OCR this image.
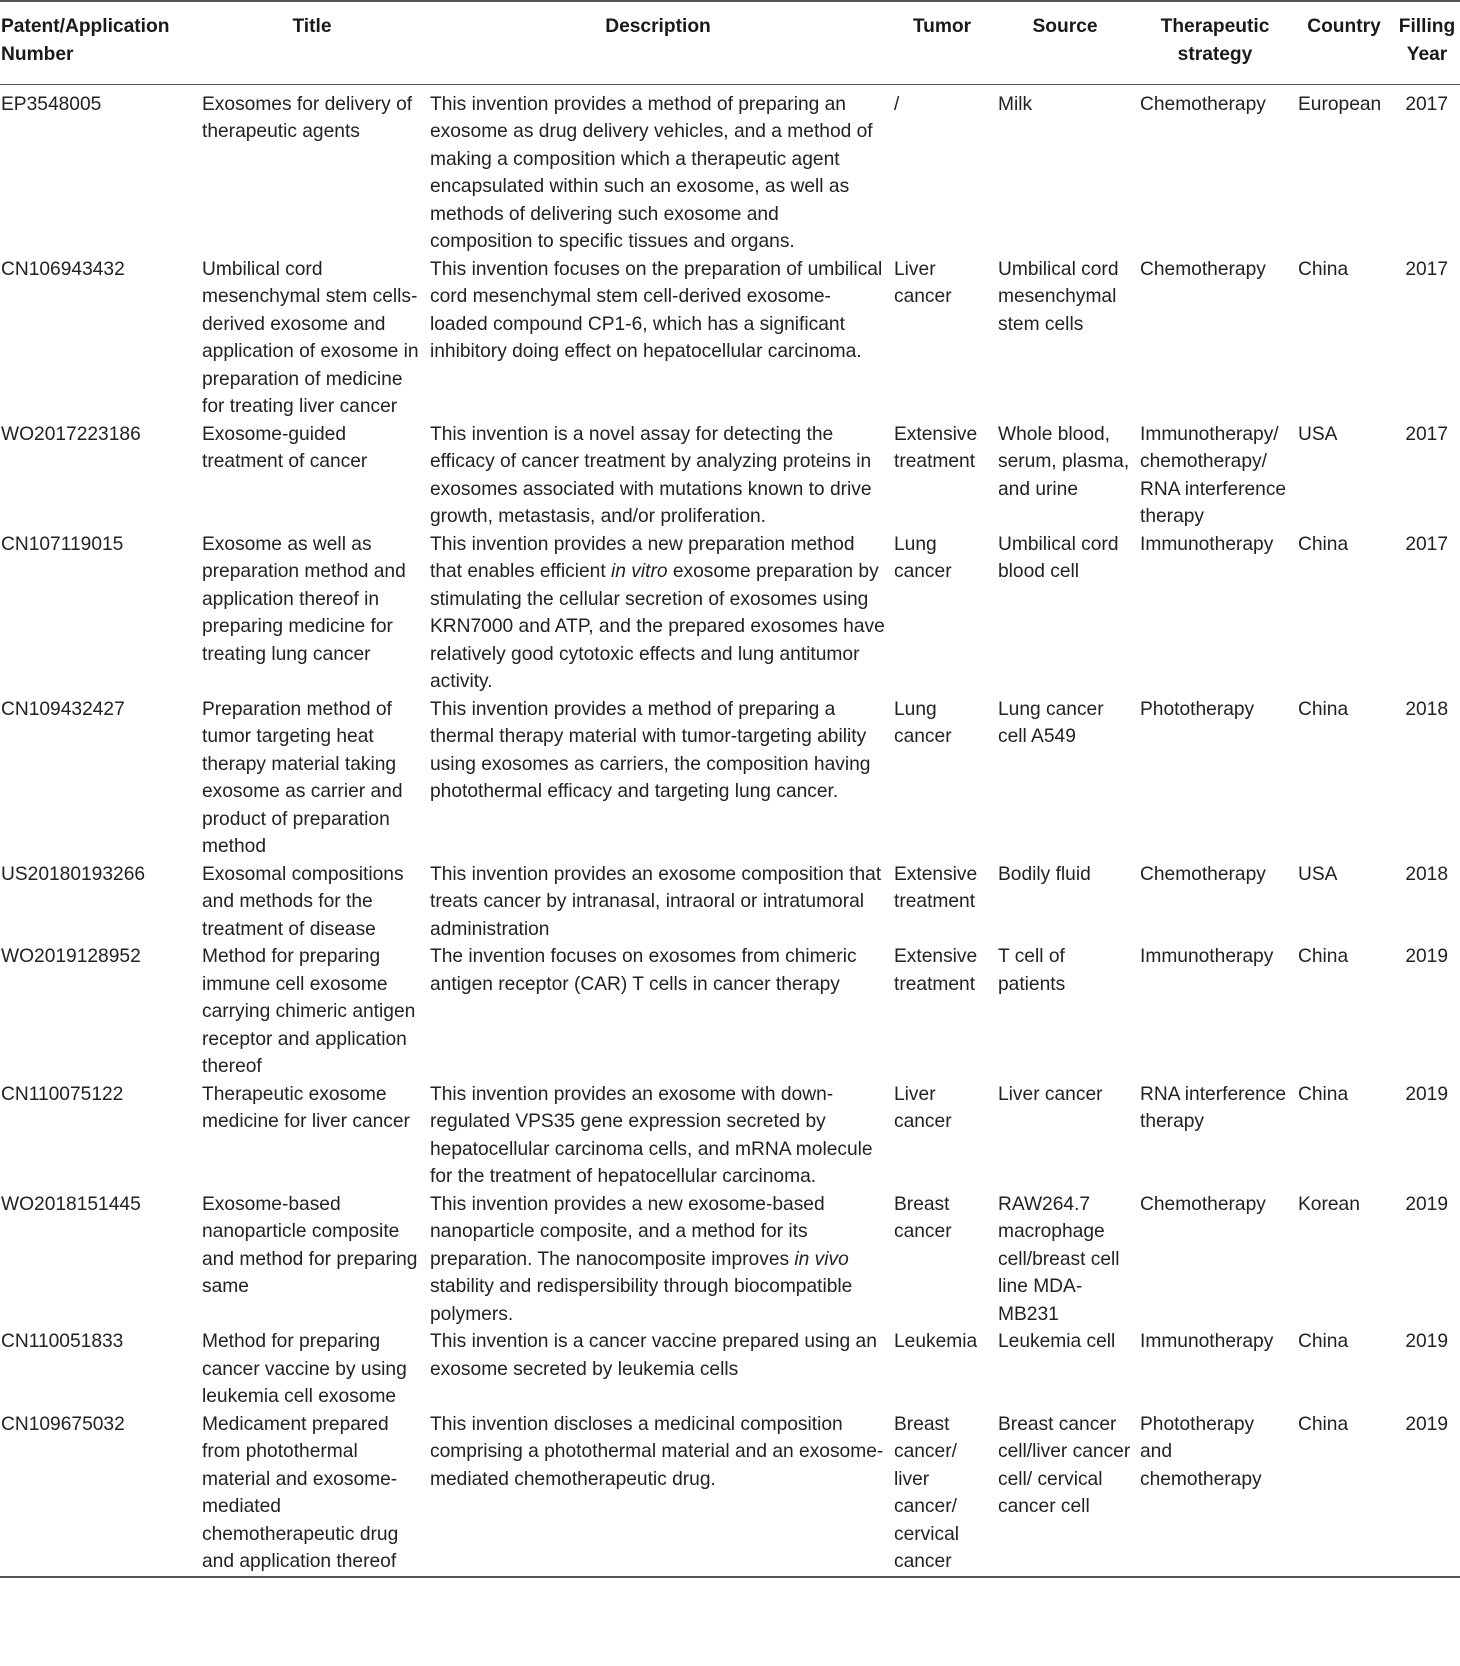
Patent/Application Number	Title	Description	Tumor	Source	Therapeutic strategy	Country	Filling Year
EP3548005	Exosomes for delivery of therapeutic agents	This invention provides a method of preparing an exosome as drug delivery vehicles, and a method of making a composition which a therapeutic agent encapsulated within such an exosome, as well as methods of delivering such exosome and composition to specific tissues and organs.	/	Milk	Chemotherapy	European	2017
CN106943432	Umbilical cord mesenchymal stem cells-derived exosome and application of exosome in preparation of medicine for treating liver cancer	This invention focuses on the preparation of umbilical cord mesenchymal stem cell-derived exosome-loaded compound CP1-6, which has a significant inhibitory doing effect on hepatocellular carcinoma.	Liver cancer	Umbilical cord mesenchymal stem cells	Chemotherapy	China	2017
WO2017223186	Exosome-guided treatment of cancer	This invention is a novel assay for detecting the efficacy of cancer treatment by analyzing proteins in exosomes associated with mutations known to drive growth, metastasis, and/or proliferation.	Extensive treatment	Whole blood, serum, plasma, and urine	Immunotherapy/ chemotherapy/ RNA interference therapy	USA	2017
CN107119015	Exosome as well as preparation method and application thereof in preparing medicine for treating lung cancer	This invention provides a new preparation method that enables efficient in vitro exosome preparation by stimulating the cellular secretion of exosomes using KRN7000 and ATP, and the prepared exosomes have relatively good cytotoxic effects and lung antitumor activity.	Lung cancer	Umbilical cord blood cell	Immunotherapy	China	2017
CN109432427	Preparation method of tumor targeting heat therapy material taking exosome as carrier and product of preparation method	This invention provides a method of preparing a thermal therapy material with tumor-targeting ability using exosomes as carriers, the composition having photothermal efficacy and targeting lung cancer.	Lung cancer	Lung cancer cell A549	Phototherapy	China	2018
US20180193266	Exosomal compositions and methods for the treatment of disease	This invention provides an exosome composition that treats cancer by intranasal, intraoral or intratumoral administration	Extensive treatment	Bodily fluid	Chemotherapy	USA	2018
WO2019128952	Method for preparing immune cell exosome carrying chimeric antigen receptor and application thereof	The invention focuses on exosomes from chimeric antigen receptor (CAR) T cells in cancer therapy	Extensive treatment	T cell of patients	Immunotherapy	China	2019
CN110075122	Therapeutic exosome medicine for liver cancer	This invention provides an exosome with down-regulated VPS35 gene expression secreted by hepatocellular carcinoma cells, and mRNA molecule for the treatment of hepatocellular carcinoma.	Liver cancer	Liver cancer	RNA interference therapy	China	2019
WO2018151445	Exosome-based nanoparticle composite and method for preparing same	This invention provides a new exosome-based nanoparticle composite, and a method for its preparation. The nanocomposite improves in vivo stability and redispersibility through biocompatible polymers.	Breast cancer	RAW264.7 macrophage cell/breast cell line MDA-MB231	Chemotherapy	Korean	2019
CN110051833	Method for preparing cancer vaccine by using leukemia cell exosome	This invention is a cancer vaccine prepared using an exosome secreted by leukemia cells	Leukemia	Leukemia cell	Immunotherapy	China	2019
CN109675032	Medicament prepared from photothermal material and exosome-mediated chemotherapeutic drug and application thereof	This invention discloses a medicinal composition comprising a photothermal material and an exosome-mediated chemotherapeutic drug.	Breast cancer/ liver cancer/ cervical cancer	Breast cancer cell/liver cancer cell/ cervical cancer cell	Phototherapy and chemotherapy	China	2019
